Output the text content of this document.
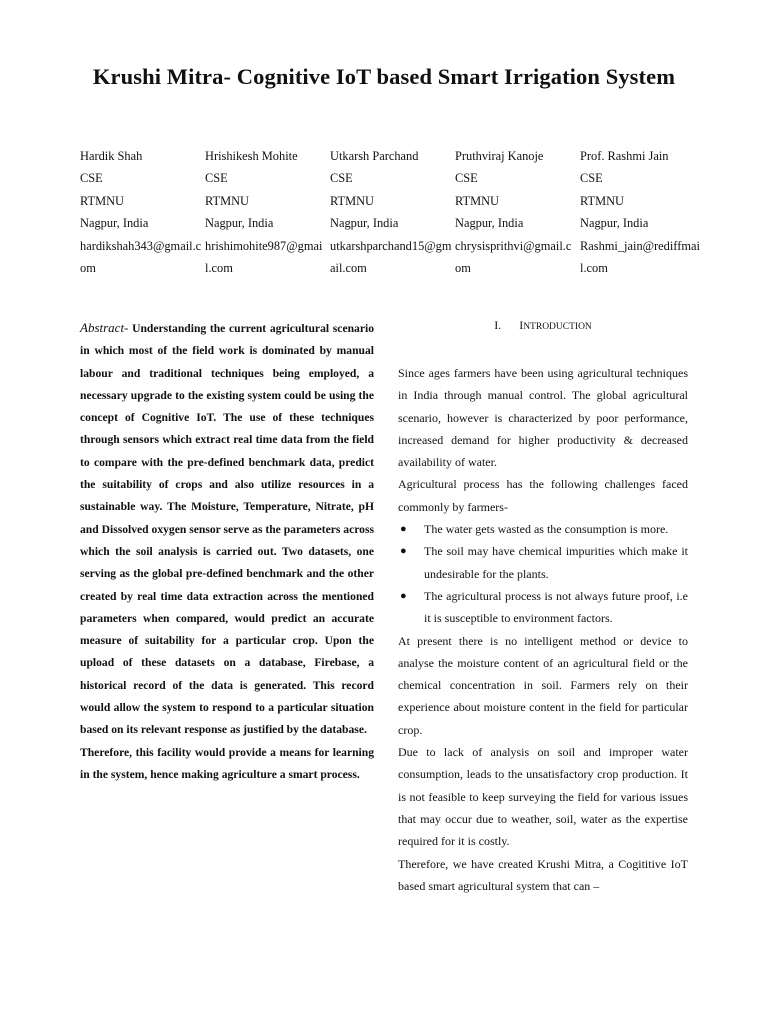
Krushi Mitra- Cognitive IoT based Smart Irrigation System
Hardik Shah
CSE
RTMNU
Nagpur, India
hardikshah343@gmail.com
Hrishikesh Mohite
CSE
RTMNU
Nagpur, India
hrishimohite987@gmail.com
Utkarsh Parchand
CSE
RTMNU
Nagpur, India
utkarshparchand15@gmail.com
Pruthviraj Kanoje
CSE
RTMNU
Nagpur, India
chrysisprithvi@gmail.com
Prof. Rashmi Jain
CSE
RTMNU
Nagpur, India
Rashmi_jain@rediffmail.com

Abstract- Understanding the current agricultural scenario in which most of the field work is dominated by manual labour and traditional techniques being employed, a necessary upgrade to the existing system could be using the concept of Cognitive IoT. The use of these techniques through sensors which extract real time data from the field to compare with the pre-defined benchmark data, predict the suitability of crops and also utilize resources in a sustainable way. The Moisture, Temperature, Nitrate, pH and Dissolved oxygen sensor serve as the parameters across which the soil analysis is carried out. Two datasets, one serving as the global pre-defined benchmark and the other created by real time data extraction across the mentioned parameters when compared, would predict an accurate measure of suitability for a particular crop. Upon the upload of these datasets on a database, Firebase, a historical record of the data is generated. This record would allow the system to respond to a particular situation based on its relevant response as justified by the database.

Therefore, this facility would provide a means for learning in the system, hence making agriculture a smart process.

I. INTRODUCTION

Since ages farmers have been using agricultural techniques in India through manual control. The global agricultural scenario, however is characterized by poor performance, increased demand for higher productivity & decreased availability of water.

Agricultural process has the following challenges faced commonly by farmers-

● The water gets wasted as the consumption is more.
● The soil may have chemical impurities which make it undesirable for the plants.
● The agricultural process is not always future proof, i.e it is susceptible to environment factors.

At present there is no intelligent method or device to analyse the moisture content of an agricultural field or the chemical concentration in soil. Farmers rely on their experience about moisture content in the field for particular crop.

Due to lack of analysis on soil and improper water consumption, leads to the unsatisfactory crop production. It is not feasible to keep surveying the field for various issues that may occur due to weather, soil, water as the expertise required for it is costly.

Therefore, we have created Krushi Mitra, a Cogititive IoT based smart agricultural system that can –
